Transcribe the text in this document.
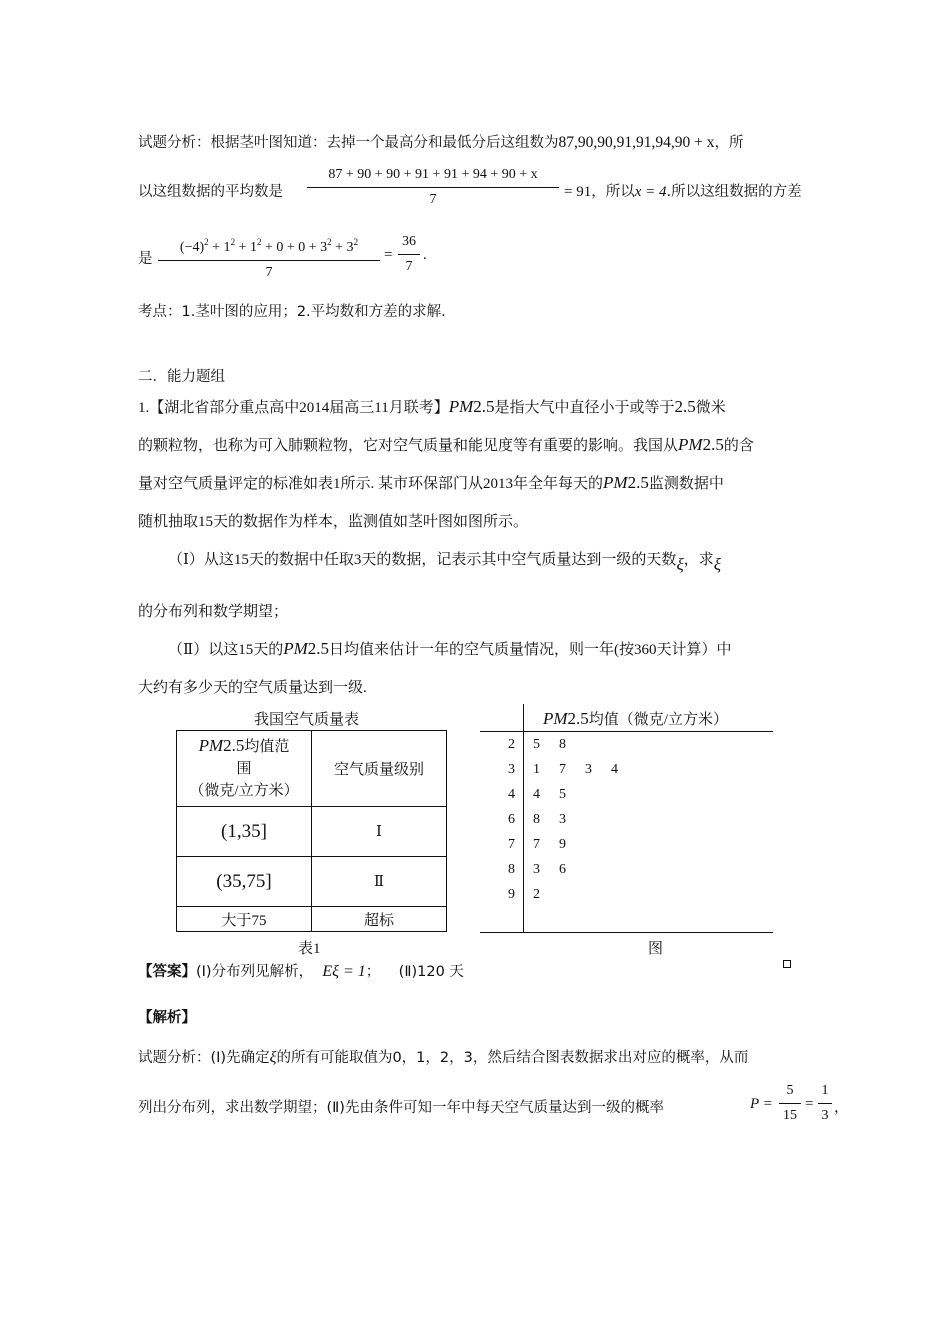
试题分析：根据茎叶图知道：去掉一个最高分和最低分后这组数为87,90,90,91,91,94,90 + x，所
以这组数据的平均数是
87 + 90 + 90 + 91 + 91 + 94 + 90 + x
7	= 91，所以x = 4.所以这组数据的方差
是
$(-4)^2 + 1^2 + 1^2 + 0 + 0 + 3^2 + 3^2$
7
=
36
7
.
考点：1.茎叶图的应用；2.平均数和方差的求解.
二．能力题组
1.【湖北省部分重点高中2014届高三11月联考】PM2.5是指大气中直径小于或等于2.5微米
的颗粒物，也称为可入肺颗粒物，它对空气质量和能见度等有重要的影响。我国从PM2.5的含
量对空气质量评定的标准如表1所示. 某市环保部门从2013年全年每天的PM2.5监测数据中
随机抽取15天的数据作为样本，监测值如茎叶图如图所示。
（Ⅰ）从这15天的数据中任取3天的数据，记表示其中空气质量达到一级的天数ξ，求ξ
的分布列和数学期望；
（Ⅱ）以这15天的PM2.5日均值来估计一年的空气质量情况，则一年(按360天计算）中
大约有多少天的空气质量达到一级.
我国空气质量表
PM2.5均值范
围
（微克/立方米）	空气质量级别
(1,35]	Ⅰ
(35,75]	Ⅱ
大于75	超标
表1
PM2.5均值（微克/立方米）
2 5 8
3 1 7 3 4
4 4 5
6 8 3
7 7 9
8 3 6
9 2
图
【答案】(Ⅰ)分布列见解析， Eξ = 1； (Ⅱ)120 天
【解析】
试题分析：(Ⅰ)先确定ξ的所有可能取值为0，1，2，3，然后结合图表数据求出对应的概率，从而
列出分布列，求出数学期望；(Ⅱ)先由条件可知一年中每天空气质量达到一级的概率	P =
5
15
=
1
3 ，
